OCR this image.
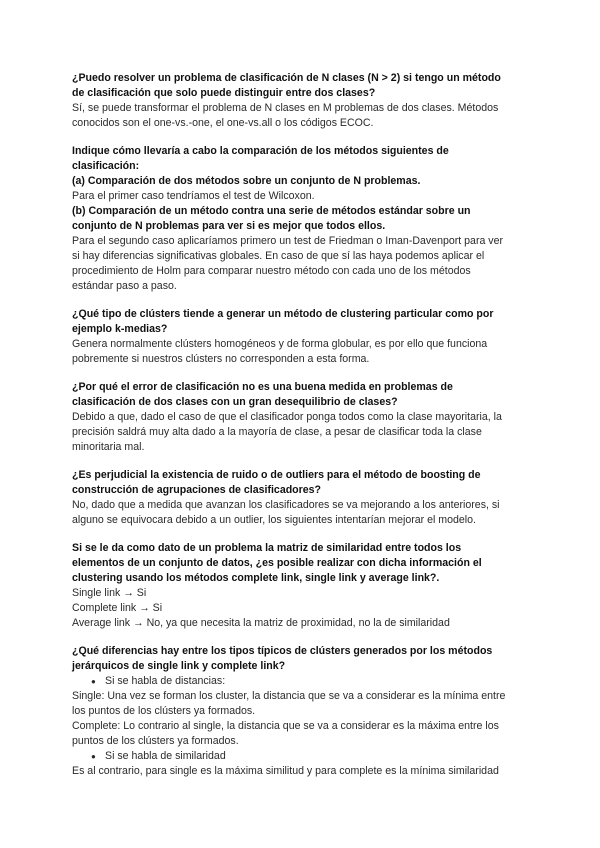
¿Puedo resolver un problema de clasificación de N clases (N > 2) si tengo un método
de clasificación que solo puede distinguir entre dos clases?
Sí, se puede transformar el problema de N clases en M problemas de dos clases. Métodos
conocidos son el one-vs.-one, el one-vs.all o los códigos ECOC.
Indique cómo llevaría a cabo la comparación de los métodos siguientes de
clasificación:
(a) Comparación de dos métodos sobre un conjunto de N problemas.
Para el primer caso tendríamos el test de Wilcoxon.
(b) Comparación de un método contra una serie de métodos estándar sobre un
conjunto de N problemas para ver si es mejor que todos ellos.
Para el segundo caso aplicaríamos primero un test de Friedman o Iman-Davenport para ver
si hay diferencias significativas globales. En caso de que sí las haya podemos aplicar el
procedimiento de Holm para comparar nuestro método con cada uno de los métodos
estándar paso a paso.
¿Qué tipo de clústers tiende a generar un método de clustering particular como por
ejemplo k-medias?
Genera normalmente clústers homogéneos y de forma globular, es por ello que funciona
pobremente si nuestros clústers no corresponden a esta forma.
¿Por qué el error de clasificación no es una buena medida en problemas de
clasificación de dos clases con un gran desequilibrio de clases?
Debido a que, dado el caso de que el clasificador ponga todos como la clase mayoritaria, la
precisión saldrá muy alta dado a la mayoría de clase, a pesar de clasificar toda la clase
minoritaria mal.
¿Es perjudicial la existencia de ruido o de outliers para el método de boosting de
construcción de agrupaciones de clasificadores?
No, dado que a medida que avanzan los clasificadores se va mejorando a los anteriores, si
alguno se equivocara debido a un outlier, los siguientes intentarían mejorar el modelo.
Si se le da como dato de un problema la matriz de similaridad entre todos los
elementos de un conjunto de datos, ¿es posible realizar con dicha información el
clustering usando los métodos complete link, single link y average link?.
Single link → Si
Complete link → Si
Average link → No, ya que necesita la matriz de proximidad, no la de similaridad
¿Qué diferencias hay entre los tipos típicos de clústers generados por los métodos
jerárquicos de single link y complete link?
● Si se habla de distancias:
Single: Una vez se forman los cluster, la distancia que se va a considerar es la mínima entre
los puntos de los clústers ya formados.
Complete: Lo contrario al single, la distancia que se va a considerar es la máxima entre los
puntos de los clústers ya formados.
● Si se habla de similaridad
Es al contrario, para single es la máxima similitud y para complete es la mínima similaridad
